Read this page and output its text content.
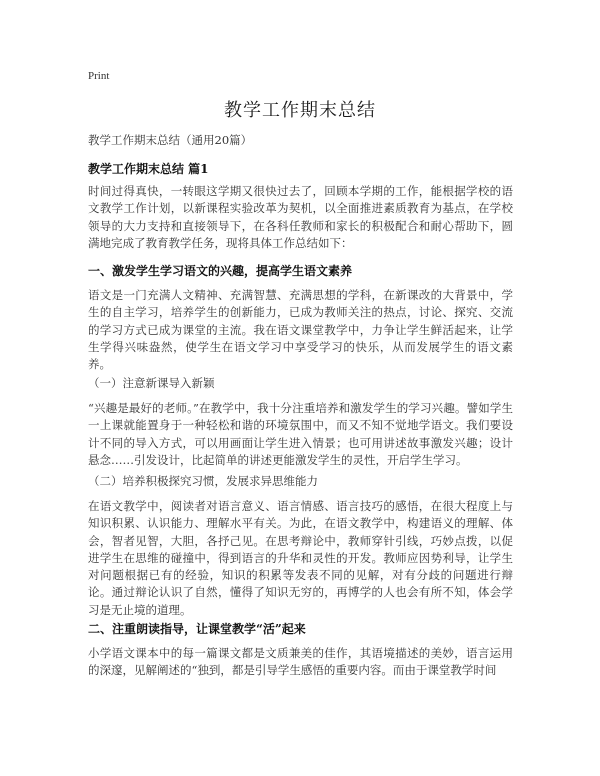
Print
教学工作期末总结
教学工作期末总结（通用20篇）
教学工作期末总结 篇1

时间过得真快，一转眼这学期又很快过去了，回顾本学期的工作，能根据学校的语文教学工作计划，以新课程实验改革为契机，以全面推进素质教育为基点，在学校领导的大力支持和直接领导下，在各科任教师和家长的积极配合和耐心帮助下，圆满地完成了教育教学任务，现将具体工作总结如下：

一、激发学生学习语文的兴趣，提高学生语文素养

语文是一门充满人文精神、充满智慧、充满思想的学科，在新课改的大背景中，学生的自主学习，培养学生的创新能力，已成为教师关注的热点，讨论、探究、交流的学习方式已成为课堂的主流。我在语文课堂教学中，力争让学生鲜活起来，让学生学得兴味盎然，使学生在语文学习中享受学习的快乐，从而发展学生的语文素养。

（一）注意新课导入新颖

“兴趣是最好的老师。”在教学中，我十分注重培养和激发学生的学习兴趣。譬如学生一上课就能置身于一种轻松和谐的环境氛围中，而又不知不觉地学语文。我们要设计不同的导入方式，可以用画面让学生进入情景；也可用讲述故事激发兴趣；设计悬念……引发设计，比起简单的讲述更能激发学生的灵性，开启学生学习。

（二）培养积极探究习惯，发展求异思维能力

在语文教学中，阅读者对语言意义、语言情感、语言技巧的感悟，在很大程度上与知识积累、认识能力、理解水平有关。为此，在语文教学中，构建语义的理解、体会，智者见智，大胆，各抒己见。在思考辩论中，教师穿针引线，巧妙点拨，以促进学生在思维的碰撞中，得到语言的升华和灵性的开发。教师应因势利导，让学生对问题根据已有的经验，知识的积累等发表不同的见解，对有分歧的问题进行辩论。通过辩论认识了自然，懂得了知识无穷的，再博学的人也会有所不知，体会学习是无止境的道理。

二、注重朗读指导，让课堂教学“活”起来

小学语文课本中的每一篇课文都是文质兼美的佳作，其语境描述的美妙，语言运用的深邃，见解阐述的“独到，都是引导学生感悟的重要内容。而由于课堂教学时间
